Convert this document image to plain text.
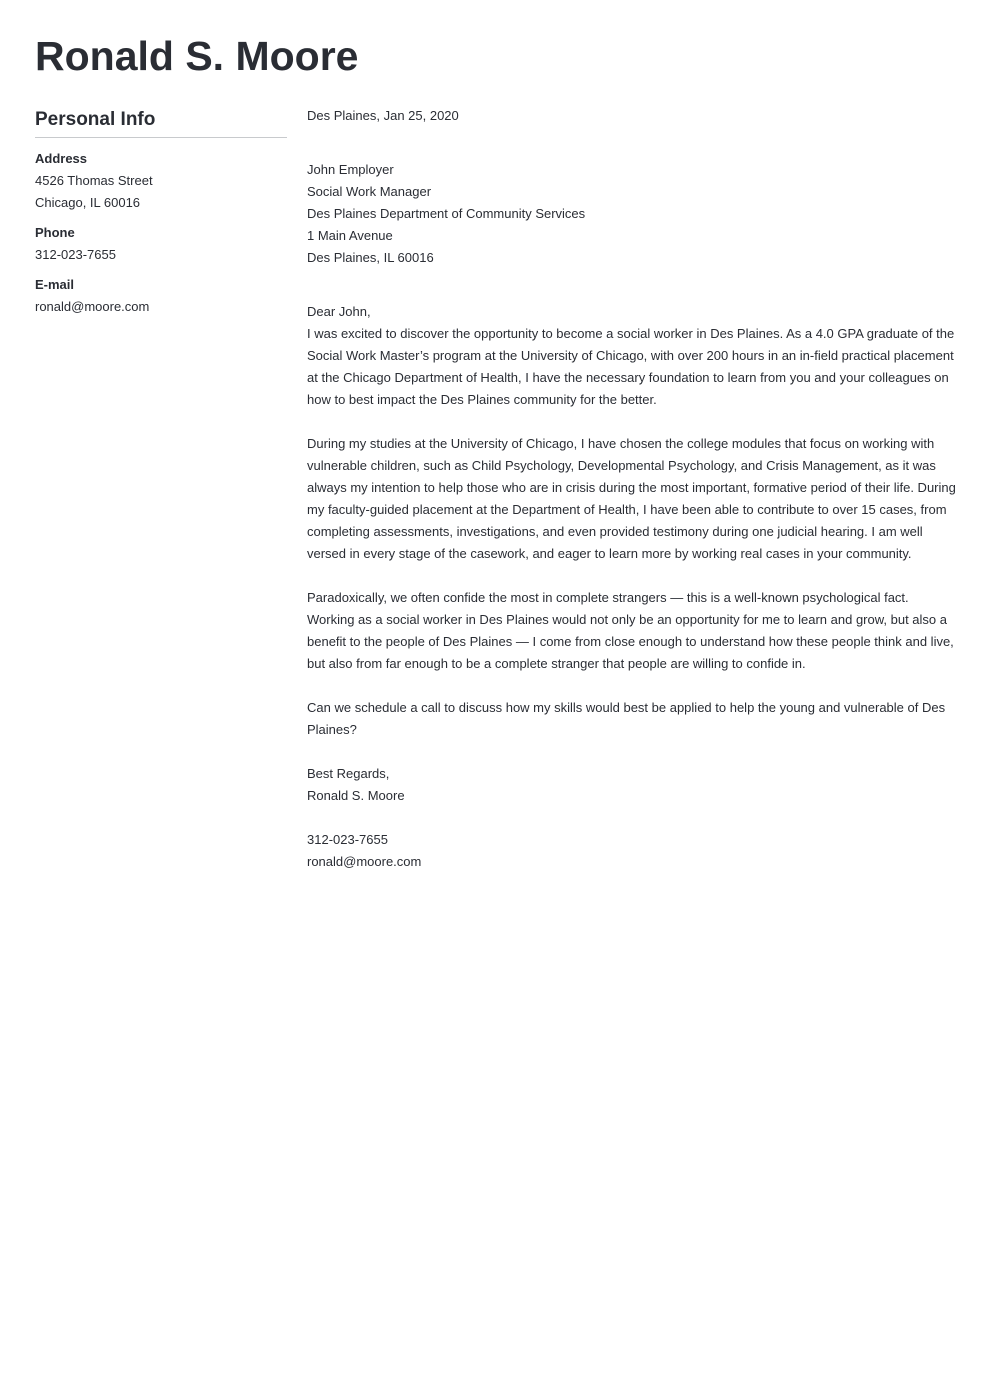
Ronald S. Moore
Personal Info
Address
4526 Thomas Street
Chicago, IL 60016
Phone
312-023-7655
E-mail
ronald@moore.com

Des Plaines, Jan 25, 2020

John Employer

Social Work Manager

Des Plaines Department of Community Services

1 Main Avenue

Des Plaines, IL 60016

Dear John,

I was excited to discover the opportunity to become a social worker in Des Plaines. As a 4.0 GPA graduate of the Social Work Master’s program at the University of Chicago, with over 200 hours in an in-field practical placement at the Chicago Department of Health, I have the necessary foundation to learn from you and your colleagues on how to best impact the Des Plaines community for the better.

During my studies at the University of Chicago, I have chosen the college modules that focus on working with vulnerable children, such as Child Psychology, Developmental Psychology, and Crisis Management, as it was always my intention to help those who are in crisis during the most important, formative period of their life. During my faculty-guided placement at the Department of Health, I have been able to contribute to over 15 cases, from completing assessments, investigations, and even provided testimony during one judicial hearing. I am well versed in every stage of the casework, and eager to learn more by working real cases in your community.

Paradoxically, we often confide the most in complete strangers — this is a well-known psychological fact. Working as a social worker in Des Plaines would not only be an opportunity for me to learn and grow, but also a benefit to the people of Des Plaines — I come from close enough to understand how these people think and live, but also from far enough to be a complete stranger that people are willing to confide in.

Can we schedule a call to discuss how my skills would best be applied to help the young and vulnerable of Des Plaines?

Best Regards,

Ronald S. Moore

312-023-7655

ronald@moore.com
